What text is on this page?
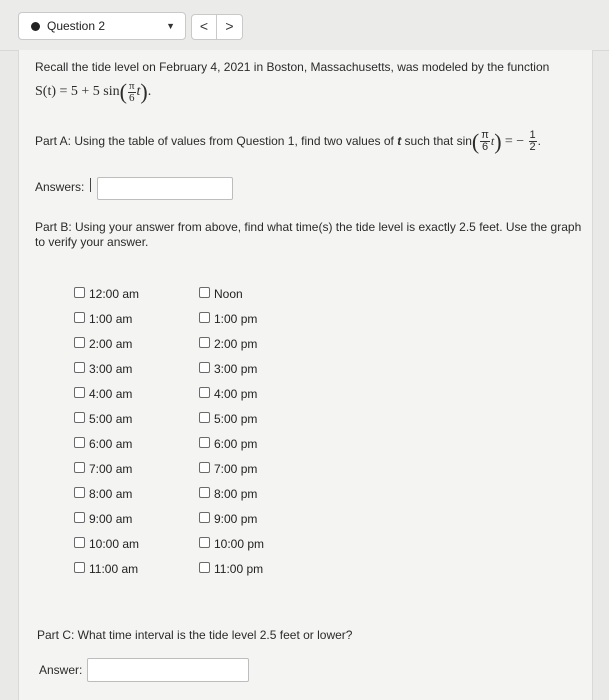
Question 2	▼	<	>
Recall the tide level on February 4, 2021 in Boston, Massachusetts, was modeled by the function
S(t) = 5 + 5 $\sin( \frac{\pi}{6} t)$.
Part A: Using the table of values from Question 1, find two values of t such that $\sin( \frac{\pi}{6} t)$ = − $\frac{1}{2}$ .
Answers:
Part B: Using your answer from above, find what time(s) the tide level is exactly 2.5 feet. Use the graph to verify your answer.
12:00 am
1:00 am
2:00 am
3:00 am
4:00 am
5:00 am
6:00 am
7:00 am
8:00 am
9:00 am
10:00 am
11:00 am
Noon
1:00 pm
2:00 pm
3:00 pm
4:00 pm
5:00 pm
6:00 pm
7:00 pm
8:00 pm
9:00 pm
10:00 pm
11:00 pm
Part C: What time interval is the tide level 2.5 feet or lower?
Answer:
